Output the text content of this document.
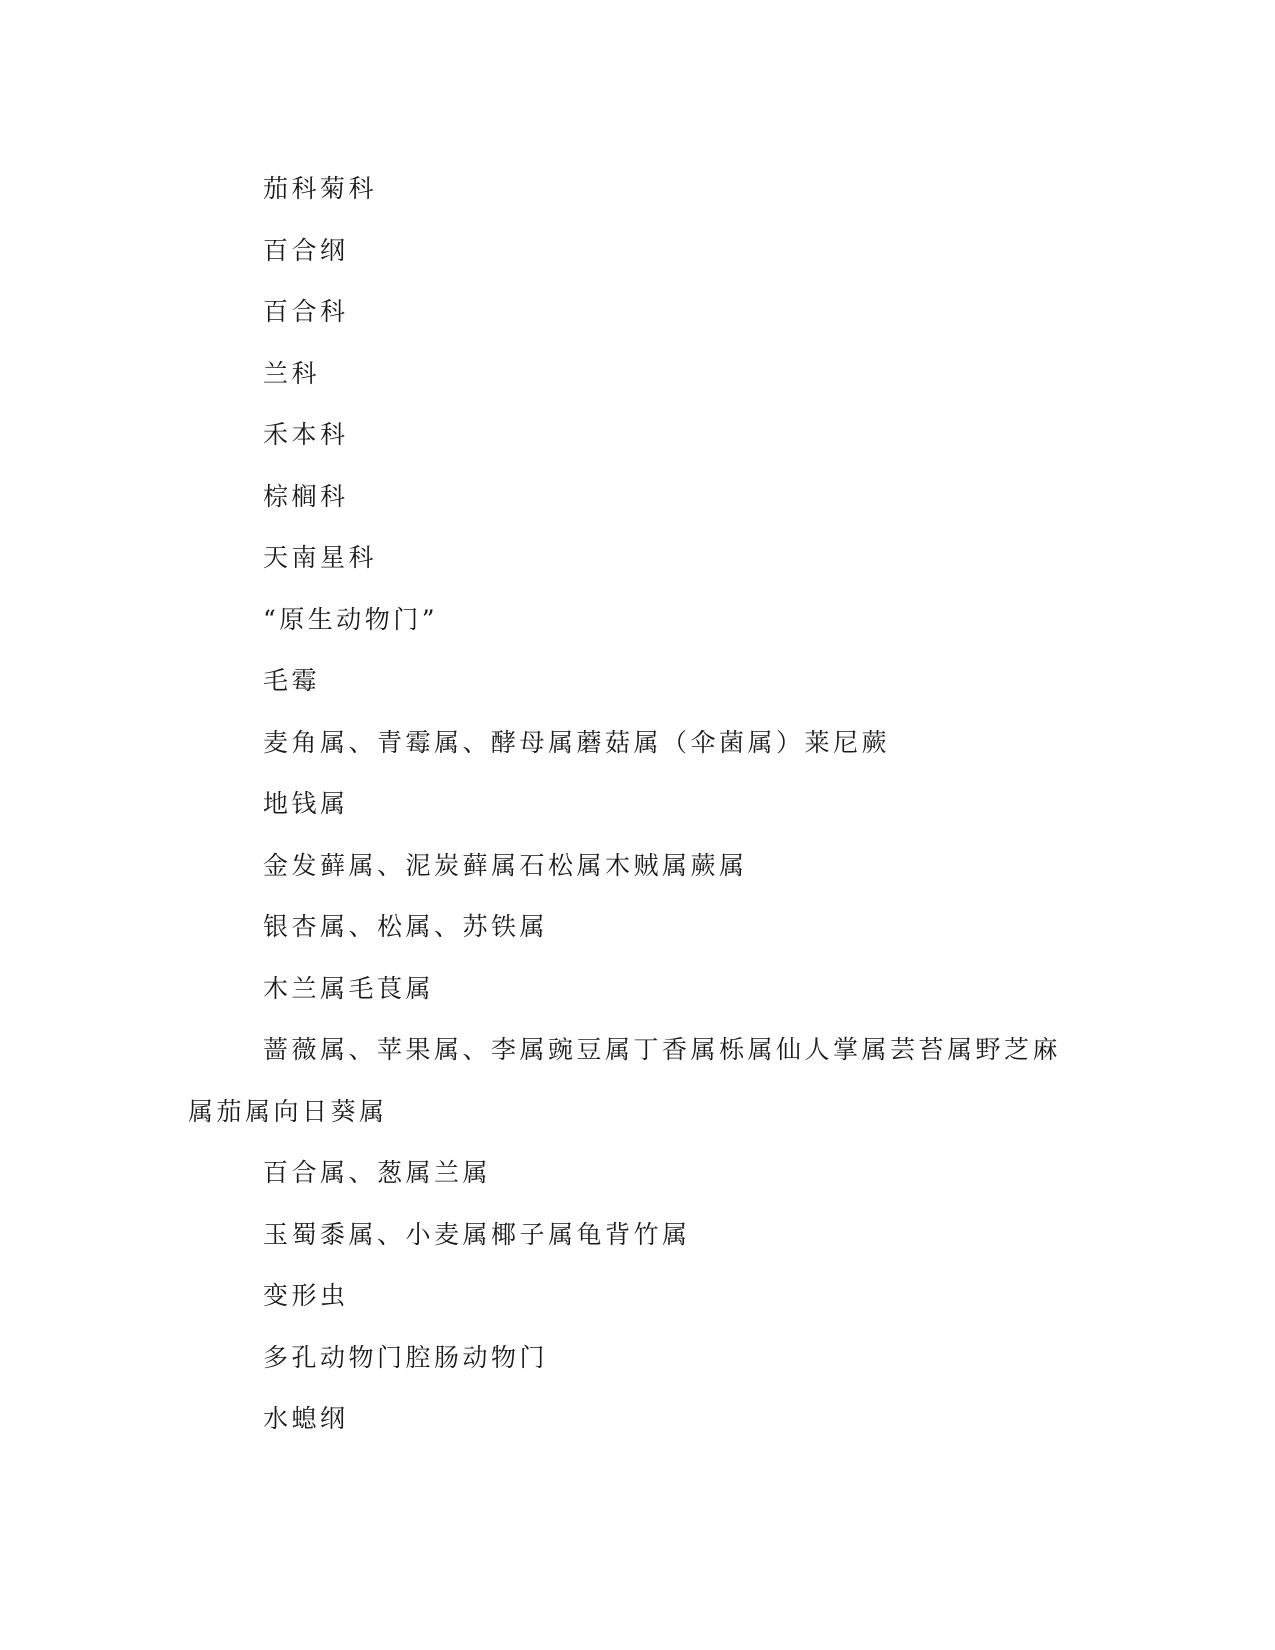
茄科菊科

百合纲

百合科

兰科

禾本科

棕榈科

天南星科

“原生动物门”

毛霉

麦角属、青霉属、酵母属蘑菇属（伞菌属）莱尼蕨

地钱属

金发藓属、泥炭藓属石松属木贼属蕨属

银杏属、松属、苏铁属

木兰属毛茛属

蔷薇属、苹果属、李属豌豆属丁香属栎属仙人掌属芸苔属野芝麻属茄属向日葵属

百合属、葱属兰属

玉蜀黍属、小麦属椰子属龟背竹属

变形虫

多孔动物门腔肠动物门

水螅纲
